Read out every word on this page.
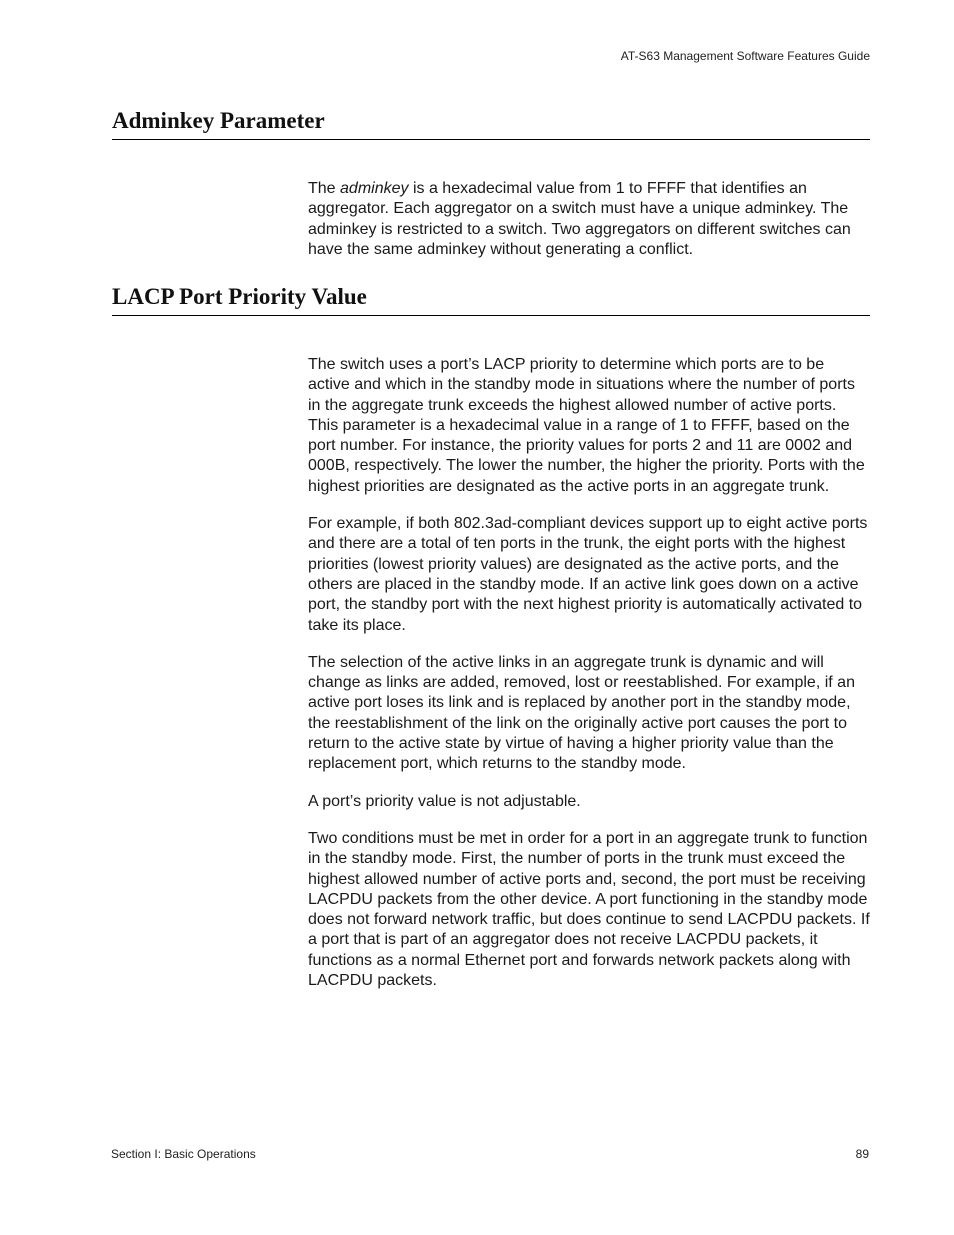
AT-S63 Management Software Features Guide
Adminkey Parameter

The adminkey is a hexadecimal value from 1 to FFFF that identifies an aggregator. Each aggregator on a switch must have a unique adminkey. The adminkey is restricted to a switch. Two aggregators on different switches can have the same adminkey without generating a conflict.

LACP Port Priority Value

The switch uses a port’s LACP priority to determine which ports are to be active and which in the standby mode in situations where the number of ports in the aggregate trunk exceeds the highest allowed number of active ports. This parameter is a hexadecimal value in a range of 1 to FFFF, based on the port number. For instance, the priority values for ports 2 and 11 are 0002 and 000B, respectively. The lower the number, the higher the priority. Ports with the highest priorities are designated as the active ports in an aggregate trunk.

For example, if both 802.3ad-compliant devices support up to eight active ports and there are a total of ten ports in the trunk, the eight ports with the highest priorities (lowest priority values) are designated as the active ports, and the others are placed in the standby mode. If an active link goes down on a active port, the standby port with the next highest priority is automatically activated to take its place.

The selection of the active links in an aggregate trunk is dynamic and will change as links are added, removed, lost or reestablished. For example, if an active port loses its link and is replaced by another port in the standby mode, the reestablishment of the link on the originally active port causes the port to return to the active state by virtue of having a higher priority value than the replacement port, which returns to the standby mode.

A port’s priority value is not adjustable.

Two conditions must be met in order for a port in an aggregate trunk to function in the standby mode. First, the number of ports in the trunk must exceed the highest allowed number of active ports and, second, the port must be receiving LACPDU packets from the other device. A port functioning in the standby mode does not forward network traffic, but does continue to send LACPDU packets. If a port that is part of an aggregator does not receive LACPDU packets, it functions as a normal Ethernet port and forwards network packets along with LACPDU packets.

Section I: Basic Operations	89
